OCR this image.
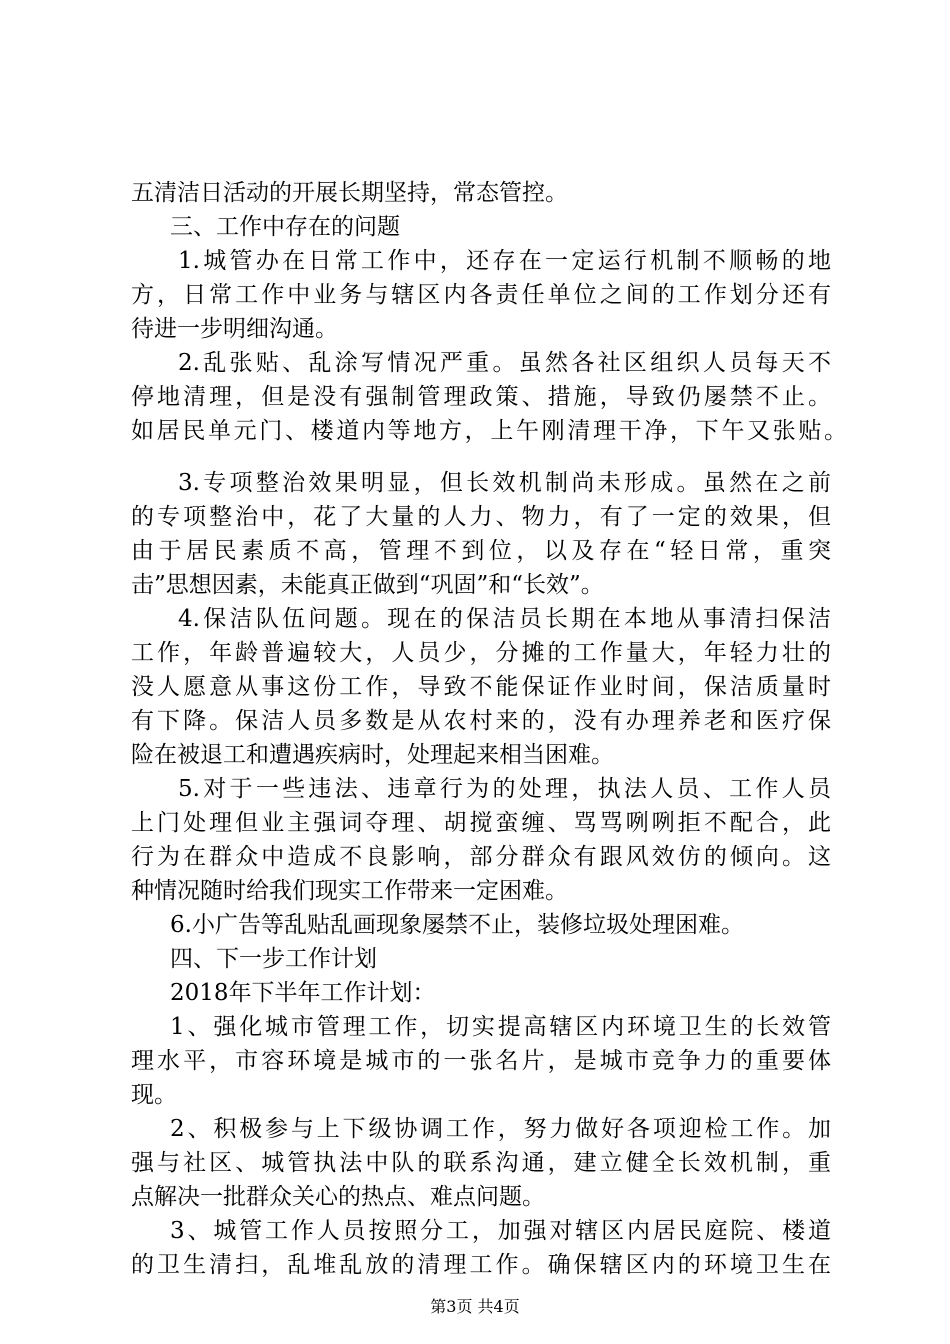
五清洁日活动的开展长期坚持，常态管控。
三、工作中存在的问题
1.城管办在日常工作中，还存在一定运行机制不顺畅的地
方，日常工作中业务与辖区内各责任单位之间的工作划分还有
待进一步明细沟通。
2.乱张贴、乱涂写情况严重。虽然各社区组织人员每天不
停地清理，但是没有强制管理政策、措施，导致仍屡禁不止。
如居民单元门、楼道内等地方，上午刚清理干净，下午又张贴。
3.专项整治效果明显，但长效机制尚未形成。虽然在之前
的专项整治中，花了大量的人力、物力，有了一定的效果，但
由于居民素质不高，管理不到位，以及存在“轻日常，重突
击”思想因素，未能真正做到“巩固”和“长效”。
4.保洁队伍问题。现在的保洁员长期在本地从事清扫保洁
工作，年龄普遍较大，人员少，分摊的工作量大，年轻力壮的
没人愿意从事这份工作，导致不能保证作业时间，保洁质量时
有下降。保洁人员多数是从农村来的，没有办理养老和医疗保
险在被退工和遭遇疾病时，处理起来相当困难。
5.对于一些违法、违章行为的处理，执法人员、工作人员
上门处理但业主强词夺理、胡搅蛮缠、骂骂咧咧拒不配合，此
行为在群众中造成不良影响，部分群众有跟风效仿的倾向。这
种情况随时给我们现实工作带来一定困难。
6.小广告等乱贴乱画现象屡禁不止，装修垃圾处理困难。
四、下一步工作计划
2018年下半年工作计划：
1、强化城市管理工作，切实提高辖区内环境卫生的长效管
理水平，市容环境是城市的一张名片，是城市竞争力的重要体
现。
2、积极参与上下级协调工作，努力做好各项迎检工作。加
强与社区、城管执法中队的联系沟通，建立健全长效机制，重
点解决一批群众关心的热点、难点问题。
3、城管工作人员按照分工，加强对辖区内居民庭院、楼道
的卫生清扫，乱堆乱放的清理工作。确保辖区内的环境卫生在
第3页 共4页
